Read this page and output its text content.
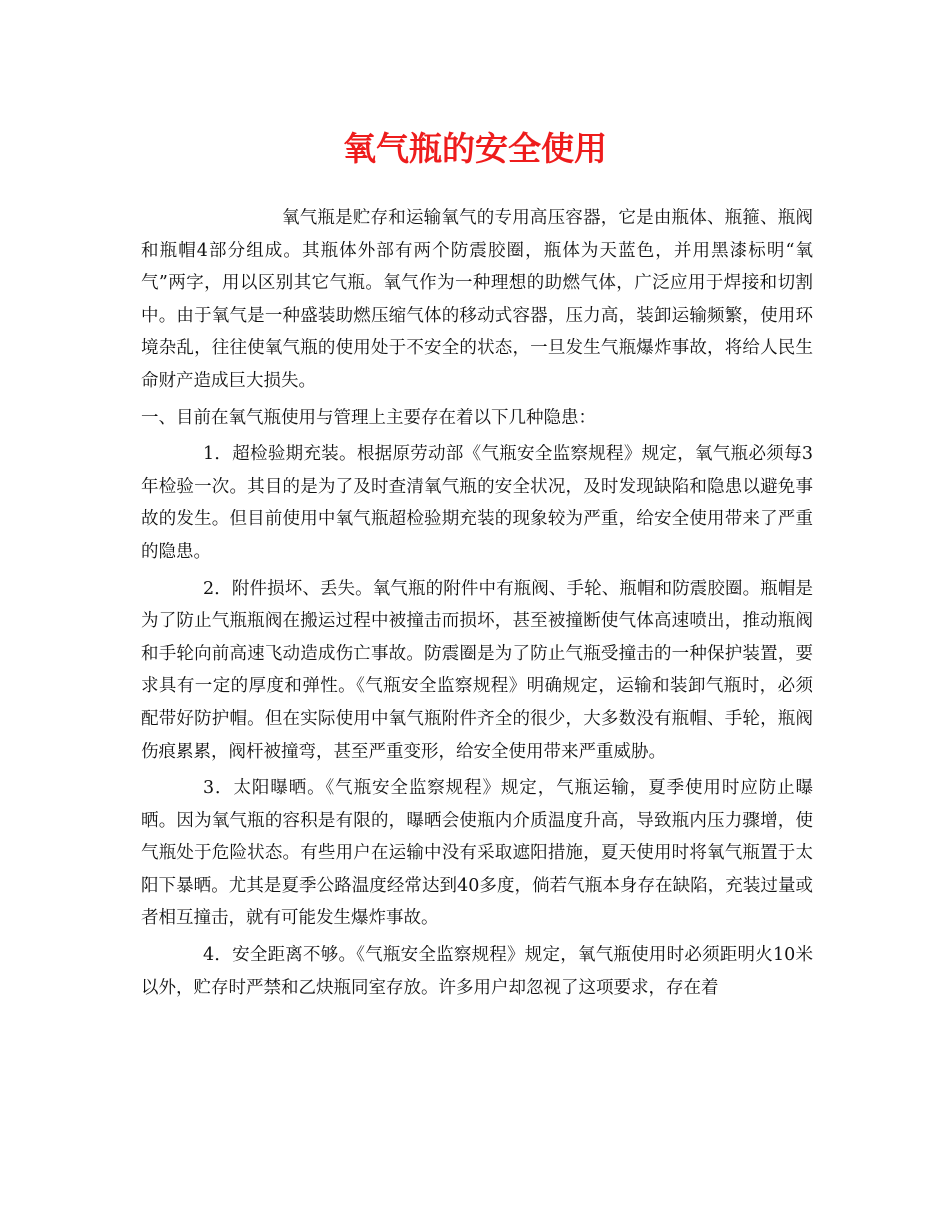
氧气瓶的安全使用

氧气瓶是贮存和运输氧气的专用高压容器，它是由瓶体、瓶箍、瓶阀和瓶帽4部分组成。其瓶体外部有两个防震胶圈，瓶体为天蓝色，并用黑漆标明“氧气”两字，用以区别其它气瓶。氧气作为一种理想的助燃气体，广泛应用于焊接和切割中。由于氧气是一种盛装助燃压缩气体的移动式容器，压力高，装卸运输频繁，使用环境杂乱，往往使氧气瓶的使用处于不安全的状态，一旦发生气瓶爆炸事故，将给人民生命财产造成巨大损失。

一、目前在氧气瓶使用与管理上主要存在着以下几种隐患：

1．超检验期充装。根据原劳动部《气瓶安全监察规程》规定，氧气瓶必须每3年检验一次。其目的是为了及时查清氧气瓶的安全状况，及时发现缺陷和隐患以避免事故的发生。但目前使用中氧气瓶超检验期充装的现象较为严重，给安全使用带来了严重的隐患。

2．附件损坏、丢失。氧气瓶的附件中有瓶阀、手轮、瓶帽和防震胶圈。瓶帽是为了防止气瓶瓶阀在搬运过程中被撞击而损坏，甚至被撞断使气体高速喷出，推动瓶阀和手轮向前高速飞动造成伤亡事故。防震圈是为了防止气瓶受撞击的一种保护装置，要求具有一定的厚度和弹性。《气瓶安全监察规程》明确规定，运输和装卸气瓶时，必须配带好防护帽。但在实际使用中氧气瓶附件齐全的很少，大多数没有瓶帽、手轮，瓶阀伤痕累累，阀杆被撞弯，甚至严重变形，给安全使用带来严重威胁。

3．太阳曝晒。《气瓶安全监察规程》规定，气瓶运输，夏季使用时应防止曝晒。因为氧气瓶的容积是有限的，曝晒会使瓶内介质温度升高，导致瓶内压力骤增，使气瓶处于危险状态。有些用户在运输中没有采取遮阳措施，夏天使用时将氧气瓶置于太阳下暴晒。尤其是夏季公路温度经常达到40多度，倘若气瓶本身存在缺陷，充装过量或者相互撞击，就有可能发生爆炸事故。

4．安全距离不够。《气瓶安全监察规程》规定，氧气瓶使用时必须距明火10米以外，贮存时严禁和乙炔瓶同室存放。许多用户却忽视了这项要求，存在着
